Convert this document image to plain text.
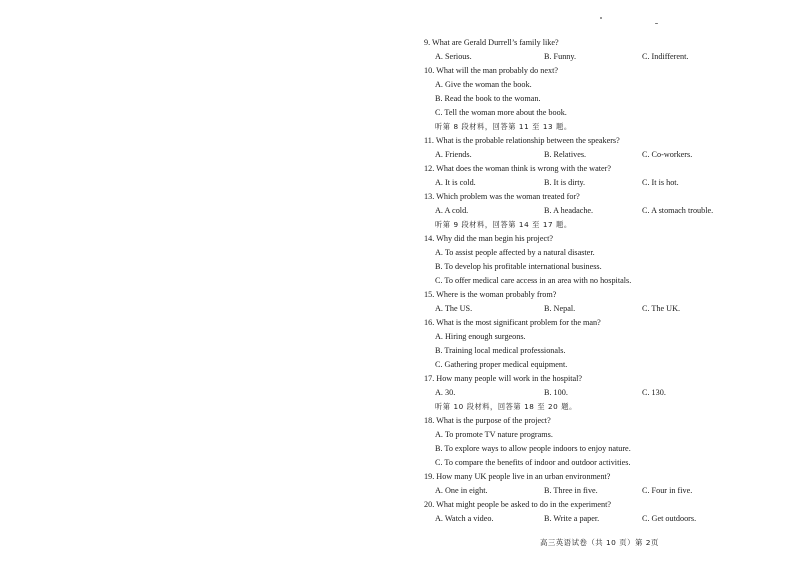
9. What are Gerald Durrell’s family like?
A. Serious.	B. Funny.	C. Indifferent.
10. What will the man probably do next?
A. Give the woman the book.
B. Read the book to the woman.
C. Tell the woman more about the book.
听第 8 段材料，回答第 11 至 13 题。
11. What is the probable relationship between the speakers?
A. Friends.	B. Relatives.	C. Co-workers.
12. What does the woman think is wrong with the water?
A. It is cold.	B. It is dirty.	C. It is hot.
13. Which problem was the woman treated for?
A. A cold.	B. A headache.	C. A stomach trouble.
听第 9 段材料，回答第 14 至 17 题。
14. Why did the man begin his project?
A. To assist people affected by a natural disaster.
B. To develop his profitable international business.
C. To offer medical care access in an area with no hospitals.
15. Where is the woman probably from?
A. The US.	B. Nepal.	C. The UK.
16. What is the most significant problem for the man?
A. Hiring enough surgeons.
B. Training local medical professionals.
C. Gathering proper medical equipment.
17. How many people will work in the hospital?
A. 30.	B. 100.	C. 130.
听第 10 段材料，回答第 18 至 20 题。
18. What is the purpose of the project?
A. To promote TV nature programs.
B. To explore ways to allow people indoors to enjoy nature.
C. To compare the benefits of indoor and outdoor activities.
19. How many UK people live in an urban environment?
A. One in eight.	B. Three in five.	C. Four in five.
20. What might people be asked to do in the experiment?
A. Watch a video.	B. Write a paper.	C. Get outdoors.
高三英语试卷（共 10 页）第 2页
